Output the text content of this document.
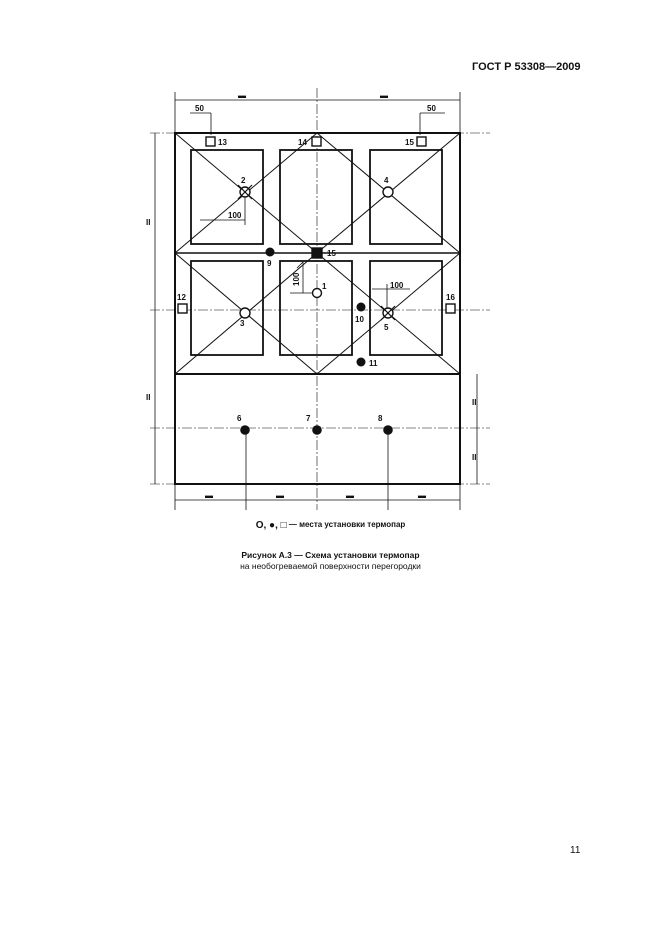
ГОСТ Р 53308—2009
50	50
▬	▬
II
II
II
II
▬	▬	▬	▬
100
100
100
1
2
3
4
5
6	7	8
9
10
11
12
13	14	15
16
15
O, ●, □ — места установки термопар
Рисунок А.3 — Схема установки термопар
на необогреваемой поверхности перегородки
11
